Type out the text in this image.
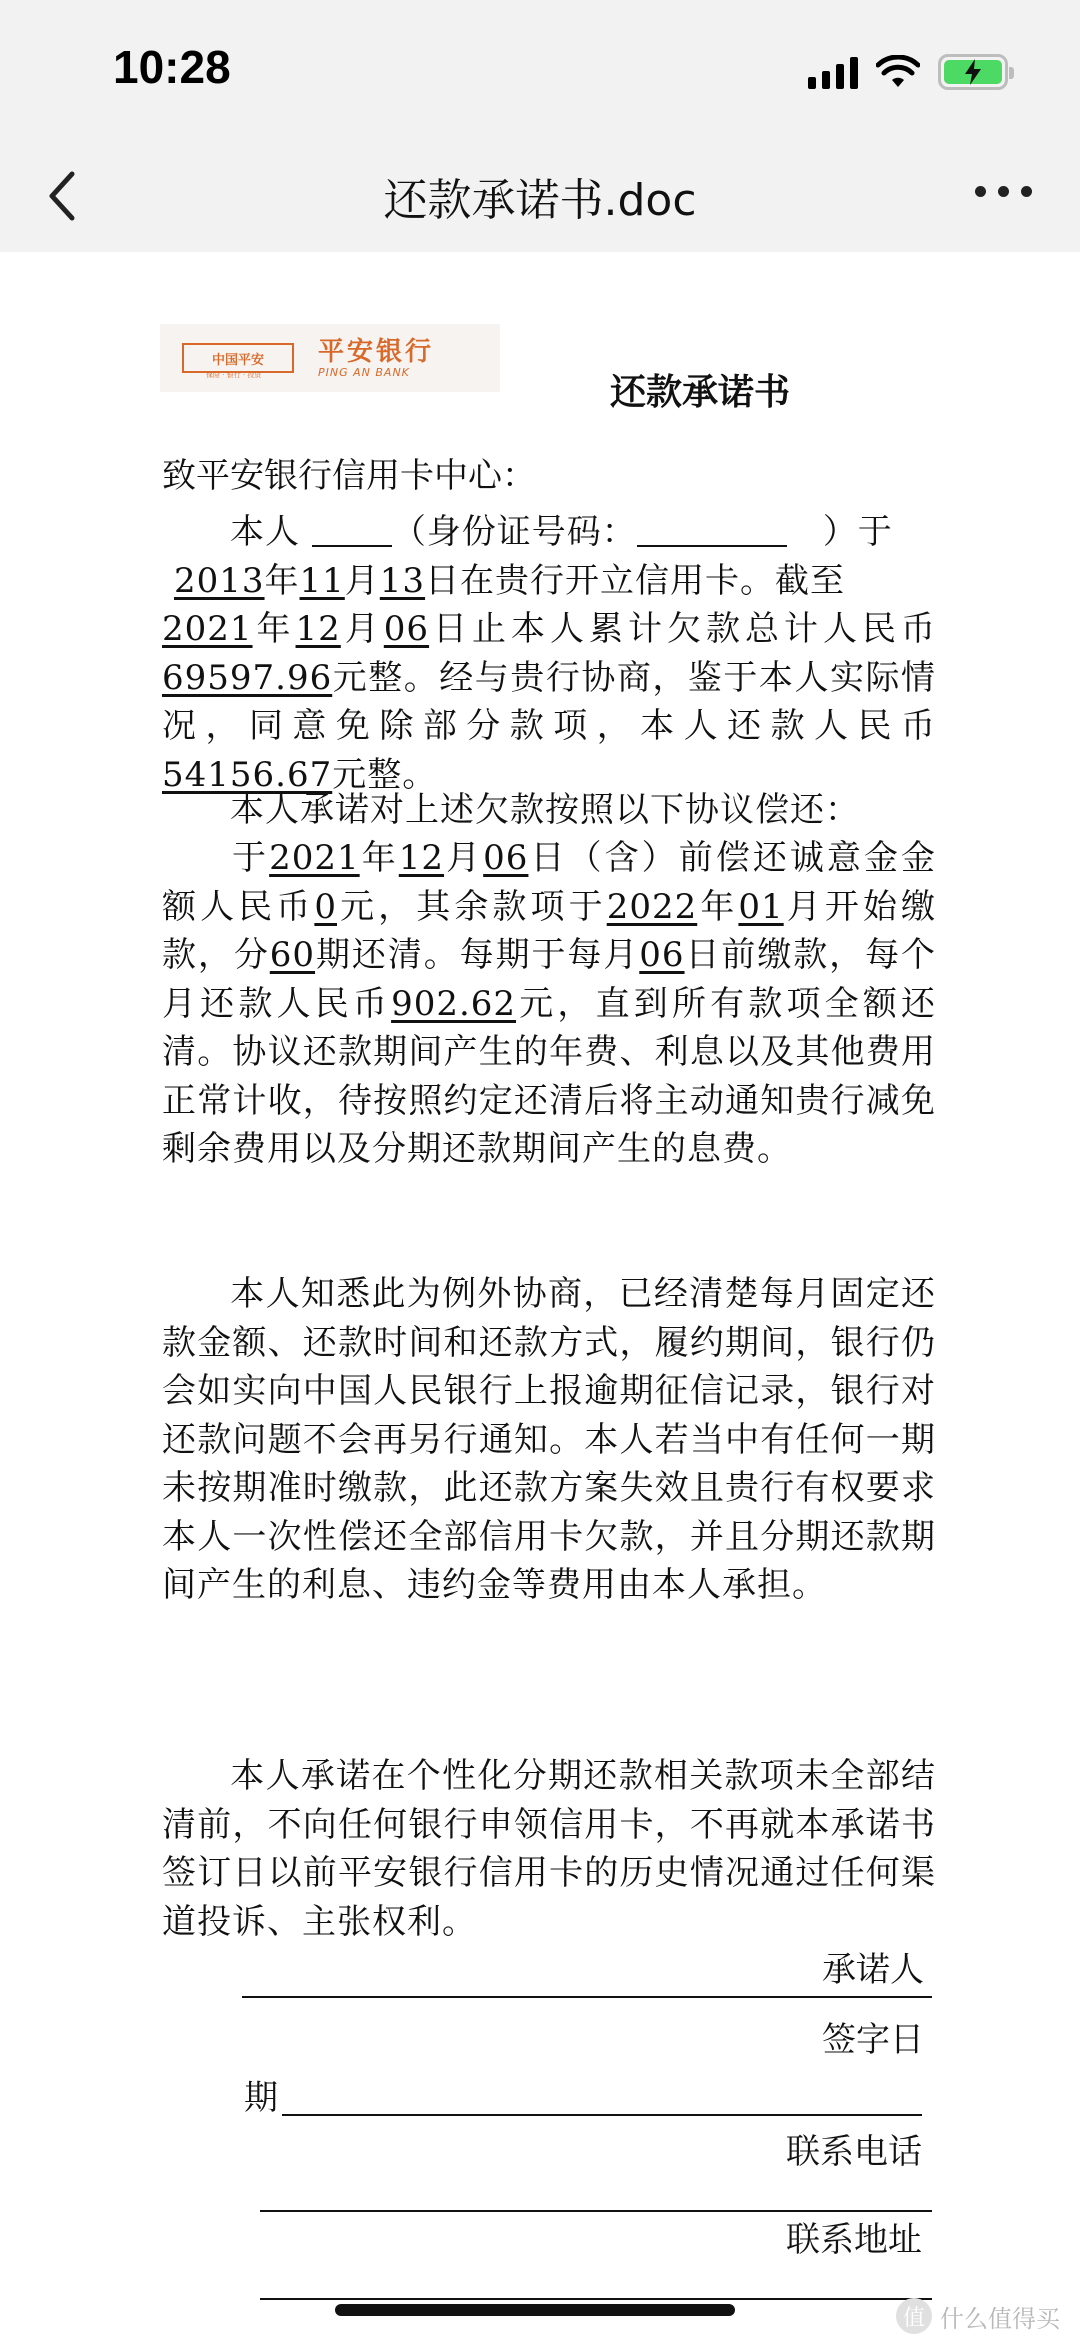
10:28
还款承诺书.doc
中国平安
保险 · 银行 · 投资
平安银行
PING AN BANK	还款承诺书
致平安银行信用卡中心：
本人	（身份证号码：	）于
2013年11月13日在贵行开立信用卡。截至
2021年12月06日止本人累计欠款总计人民币69597.96元整。经与贵行协商，鉴于本人实际情况，同意免除部分款项，本人还款人民币54156.67元整。
本人承诺对上述欠款按照以下协议偿还：
于2021年12月06日（含）前偿还诚意金金额人民币0元，其余款项于2022年01月开始缴款，分60期还清。每期于每月06日前缴款，每个月还款人民币902.62元，直到所有款项全额还清。协议还款期间产生的年费、利息以及其他费用正常计收，待按照约定还清后将主动通知贵行减免剩余费用以及分期还款期间产生的息费。
本人知悉此为例外协商，已经清楚每月固定还款金额、还款时间和还款方式，履约期间，银行仍会如实向中国人民银行上报逾期征信记录，银行对还款问题不会再另行通知。本人若当中有任何一期未按期准时缴款，此还款方案失效且贵行有权要求本人一次性偿还全部信用卡欠款，并且分期还款期间产生的利息、违约金等费用由本人承担。
本人承诺在个性化分期还款相关款项未全部结清前，不向任何银行申领信用卡，不再就本承诺书签订日以前平安银行信用卡的历史情况通过任何渠道投诉、主张权利。
承诺人
签字日
期
联系电话
联系地址
值 什么值得买
